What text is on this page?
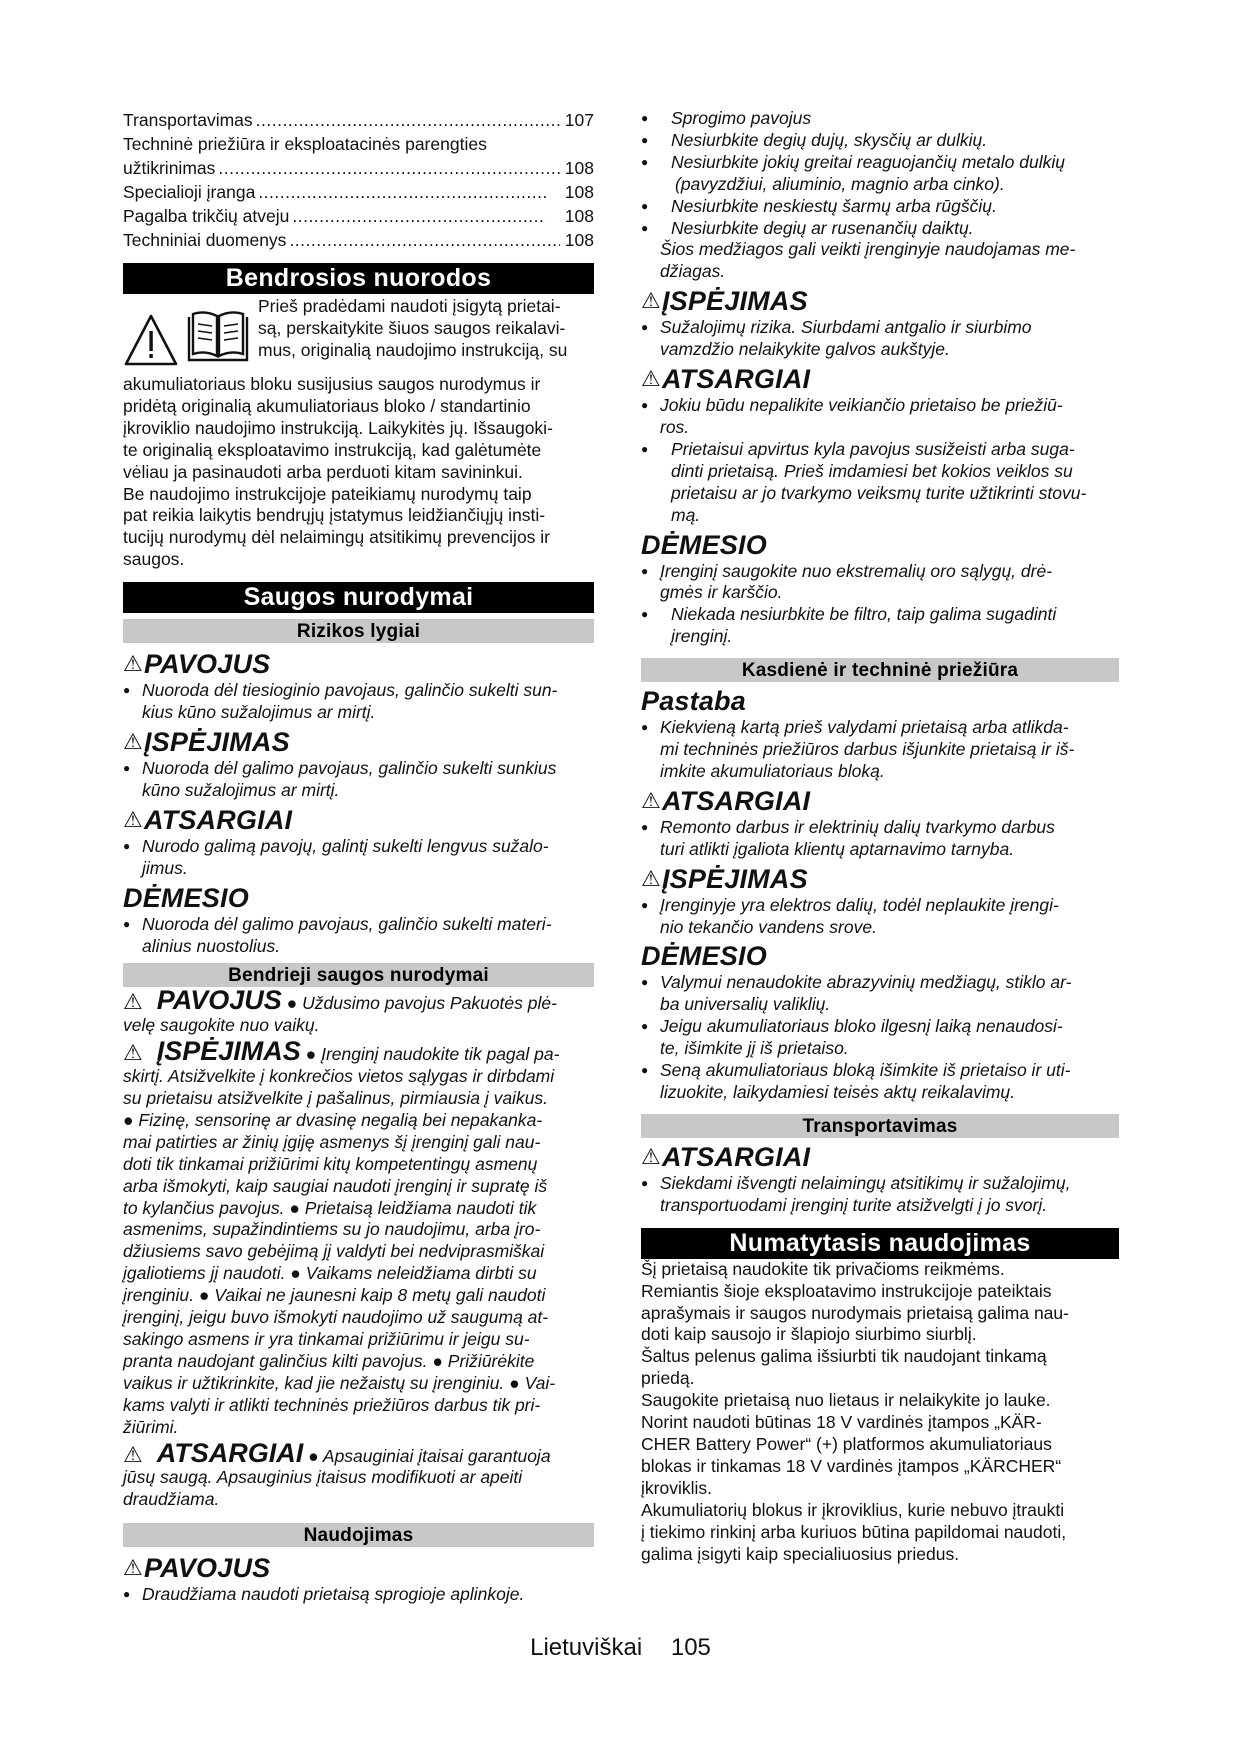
Transportavimas .....	107
Techninė priežiūra ir eksploatacinės parengties
užtikrinimas .....	108
Specialioji įranga .....	108
Pagalba trikčių atveju .....	108
Techniniai duomenys .....	108
Bendrosios nuorodos
Prieš pradėdami naudoti įsigytą prietai-
są, perskaitykite šiuos saugos reikalavi-
mus, originalią naudojimo instrukciją, su
akumuliatoriaus bloku susijusius saugos nurodymus ir
pridėtą originalią akumuliatoriaus bloko / standartinio
įkroviklio naudojimo instrukciją. Laikykitės jų. Išsaugoki-
te originalią eksploatavimo instrukciją, kad galėtumėte
vėliau ja pasinaudoti arba perduoti kitam savininkui.
Be naudojimo instrukcijoje pateikiamų nurodymų taip
pat reikia laikytis bendrųjų įstatymus leidžiančiųjų insti-
tucijų nurodymų dėl nelaimingų atsitikimų prevencijos ir
saugos.
Saugos nurodymai
Rizikos lygiai
⚠PAVOJUS
● Nuoroda dėl tiesioginio pavojaus, galinčio sukelti sun-
kius kūno sužalojimus ar mirtį.
⚠ĮSPĖJIMAS
● Nuoroda dėl galimo pavojaus, galinčio sukelti sunkius
kūno sužalojimus ar mirtį.
⚠ATSARGIAI
● Nurodo galimą pavojų, galintį sukelti lengvus sužalo-
jimus.
DĖMESIO
● Nuoroda dėl galimo pavojaus, galinčio sukelti materi-
alinius nuostolius.
Bendrieji saugos nurodymai
⚠ PAVOJUS ● Uždusimo pavojus Pakuotės plė-
velę saugokite nuo vaikų.
⚠ ĮSPĖJIMAS ● Įrenginį naudokite tik pagal pa-
skirtį. Atsižvelkite į konkrečios vietos sąlygas ir dirbdami
su prietaisu atsižvelkite į pašalinus, pirmiausia į vaikus.
● Fizinę, sensorinę ar dvasinę negalią bei nepakanka-
mai patirties ar žinių įgiję asmenys šį įrenginį gali nau-
doti tik tinkamai prižiūrimi kitų kompetentingų asmenų
arba išmokyti, kaip saugiai naudoti įrenginį ir supratę iš
to kylančius pavojus. ● Prietaisą leidžiama naudoti tik
asmenims, supažindintiems su jo naudojimu, arba įro-
džiusiems savo gebėjimą jį valdyti bei nedviprasmiškai
įgaliotiems jį naudoti. ● Vaikams neleidžiama dirbti su
įrenginiu. ● Vaikai ne jaunesni kaip 8 metų gali naudoti
įrenginį, jeigu buvo išmokyti naudojimo už saugumą at-
sakingo asmens ir yra tinkamai prižiūrimu ir jeigu su-
pranta naudojant galinčius kilti pavojus. ● Prižiūrėkite
vaikus ir užtikrinkite, kad jie nežaistų su įrenginiu. ● Vai-
kams valyti ir atlikti techninės priežiūros darbus tik pri-
žiūrimi.
⚠ ATSARGIAI ● Apsauginiai įtaisai garantuoja
jūsų saugą. Apsauginius įtaisus modifikuoti ar apeiti
draudžiama.
Naudojimas
⚠PAVOJUS
● Draudžiama naudoti prietaisą sprogioje aplinkoje.
● Sprogimo pavojus
● Nesiurbkite degių dujų, skysčių ar dulkių.
● Nesiurbkite jokių greitai reaguojančių metalo dulkių
(pavyzdžiui, aliuminio, magnio arba cinko).
● Nesiurbkite neskiestų šarmų arba rūgščių.
● Nesiurbkite degių ar rusenančių daiktų.
Šios medžiagos gali veikti įrenginyje naudojamas me-
džiagas.
⚠ĮSPĖJIMAS
● Sužalojimų rizika. Siurbdami antgalio ir siurbimo
vamzdžio nelaikykite galvos aukštyje.
⚠ATSARGIAI
● Jokiu būdu nepalikite veikiančio prietaiso be priežiū-
ros.
● Prietaisui apvirtus kyla pavojus susižeisti arba suga-
dinti prietaisą. Prieš imdamiesi bet kokios veiklos su
prietaisu ar jo tvarkymo veiksmų turite užtikrinti stovu-
mą.
DĖMESIO
● Įrenginį saugokite nuo ekstremalių oro sąlygų, drė-
gmės ir karščio.
● Niekada nesiurbkite be filtro, taip galima sugadinti
įrenginį.
Kasdienė ir techninė priežiūra
Pastaba
● Kiekvieną kartą prieš valydami prietaisą arba atlikda-
mi techninės priežiūros darbus išjunkite prietaisą ir iš-
imkite akumuliatoriaus bloką.
⚠ATSARGIAI
● Remonto darbus ir elektrinių dalių tvarkymo darbus
turi atlikti įgaliota klientų aptarnavimo tarnyba.
⚠ĮSPĖJIMAS
● Įrenginyje yra elektros dalių, todėl neplaukite įrengi-
nio tekančio vandens srove.
DĖMESIO
● Valymui nenaudokite abrazyvinių medžiagų, stiklo ar-
ba universalių valiklių.
● Jeigu akumuliatoriaus bloko ilgesnį laiką nenaudosi-
te, išimkite jį iš prietaiso.
● Seną akumuliatoriaus bloką išimkite iš prietaiso ir uti-
lizuokite, laikydamiesi teisės aktų reikalavimų.
Transportavimas
⚠ATSARGIAI
● Siekdami išvengti nelaimingų atsitikimų ir sužalojimų,
transportuodami įrenginį turite atsižvelgti į jo svorį.
Numatytasis naudojimas
Šį prietaisą naudokite tik privačioms reikmėms.
Remiantis šioje eksploatavimo instrukcijoje pateiktais
aprašymais ir saugos nurodymais prietaisą galima nau-
doti kaip sausojo ir šlapiojo siurbimo siurblį.
Šaltus pelenus galima išsiurbti tik naudojant tinkamą
priedą.
Saugokite prietaisą nuo lietaus ir nelaikykite jo lauke.
Norint naudoti būtinas 18 V vardinės įtampos „KÄR-
CHER Battery Power“ (+) platformos akumuliatoriaus
blokas ir tinkamas 18 V vardinės įtampos „KÄRCHER“
įkroviklis.
Akumuliatorių blokus ir įkroviklius, kurie nebuvo įtraukti
į tiekimo rinkinį arba kuriuos būtina papildomai naudoti,
galima įsigyti kaip specialiuosius priedus.
Lietuviškai 105
